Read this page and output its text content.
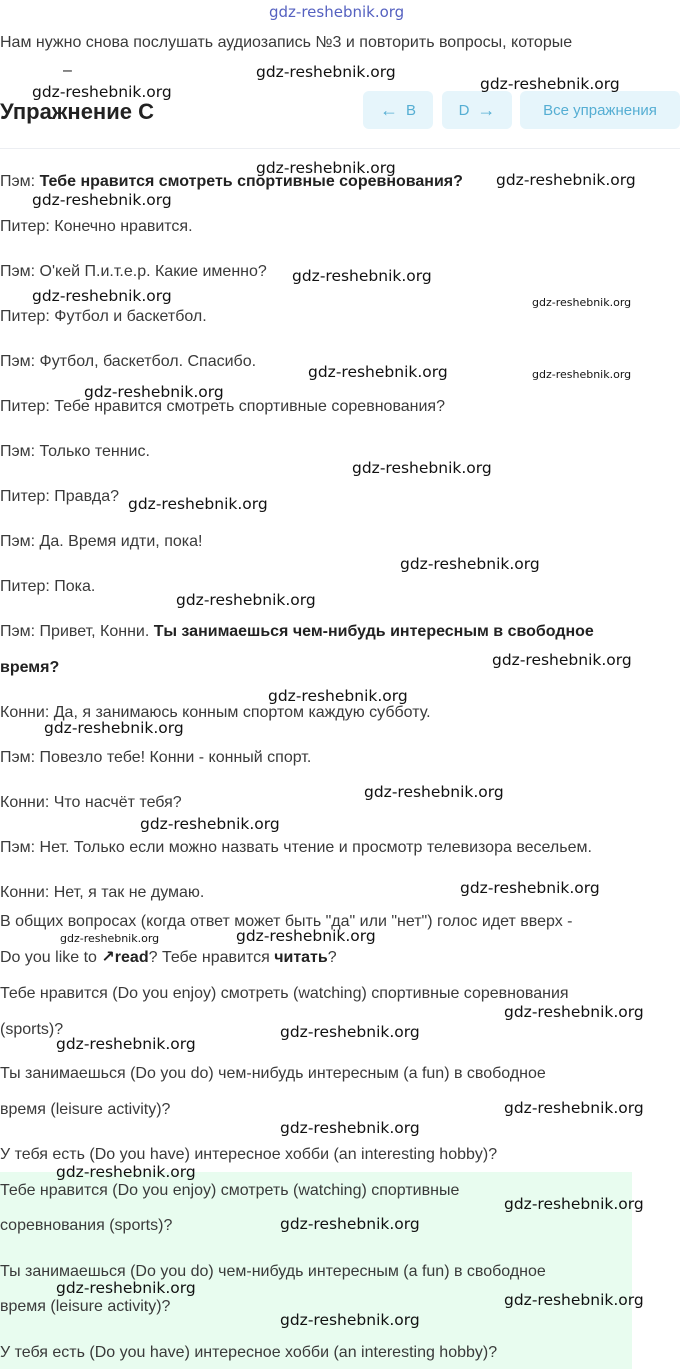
gdz-reshebnik.org
Нам нужно снова послушать аудиозапись №3 и повторить вопросы, которые
–
Упражнение C	← B	D →	Все упражнения
Пэм: Тебе нравится смотреть спортивные соревнования?
Питер: Конечно нравится.
Пэм: О'кей П.и.т.е.р. Какие именно?
Питер: Футбол и баскетбол.
Пэм: Футбол, баскетбол. Спасибо.
Питер: Тебе нравится смотреть спортивные соревнования?
Пэм: Только теннис.
Питер: Правда?
Пэм: Да. Время идти, пока!
Питер: Пока.
Пэм: Привет, Конни. Ты занимаешься чем-нибудь интересным в свободное
время?
Конни: Да, я занимаюсь конным спортом каждую субботу.
Пэм: Повезло тебе! Конни - конный спорт.
Конни: Что насчёт тебя?
Пэм: Нет. Только если можно назвать чтение и просмотр телевизора весельем.
Конни: Нет, я так не думаю.
В общих вопросах (когда ответ может быть "да" или "нет") голос идет вверх -
Do you like to ↗read? Тебе нравится читать?
Тебе нравится (Do you enjoy) смотреть (watching) спортивные соревнования
(sports)?
Ты занимаешься (Do you do) чем-нибудь интересным (a fun) в свободное
время (leisure activity)?
У тебя есть (Do you have) интересное хобби (an interesting hobby)?
Тебе нравится (Do you enjoy) смотреть (watching) спортивные
соревнования (sports)?
Ты занимаешься (Do you do) чем-нибудь интересным (a fun) в свободное
время (leisure activity)?
У тебя есть (Do you have) интересное хобби (an interesting hobby)?
gdz-reshebnik.org
gdz-reshebnik.org
gdz-reshebnik.org
gdz-reshebnik.org
gdz-reshebnik.org
gdz-reshebnik.org
gdz-reshebnik.org
gdz-reshebnik.org	gdz-reshebnik.org
gdz-reshebnik.org	gdz-reshebnik.org
gdz-reshebnik.org
gdz-reshebnik.org
gdz-reshebnik.org
gdz-reshebnik.org
gdz-reshebnik.org
gdz-reshebnik.org
gdz-reshebnik.org
gdz-reshebnik.org
gdz-reshebnik.org
gdz-reshebnik.org
gdz-reshebnik.org
gdz-reshebnik.org	gdz-reshebnik.org
gdz-reshebnik.org
gdz-reshebnik.org
gdz-reshebnik.org
gdz-reshebnik.org
gdz-reshebnik.org
gdz-reshebnik.org
gdz-reshebnik.org
gdz-reshebnik.org
gdz-reshebnik.org
gdz-reshebnik.org
gdz-reshebnik.org
